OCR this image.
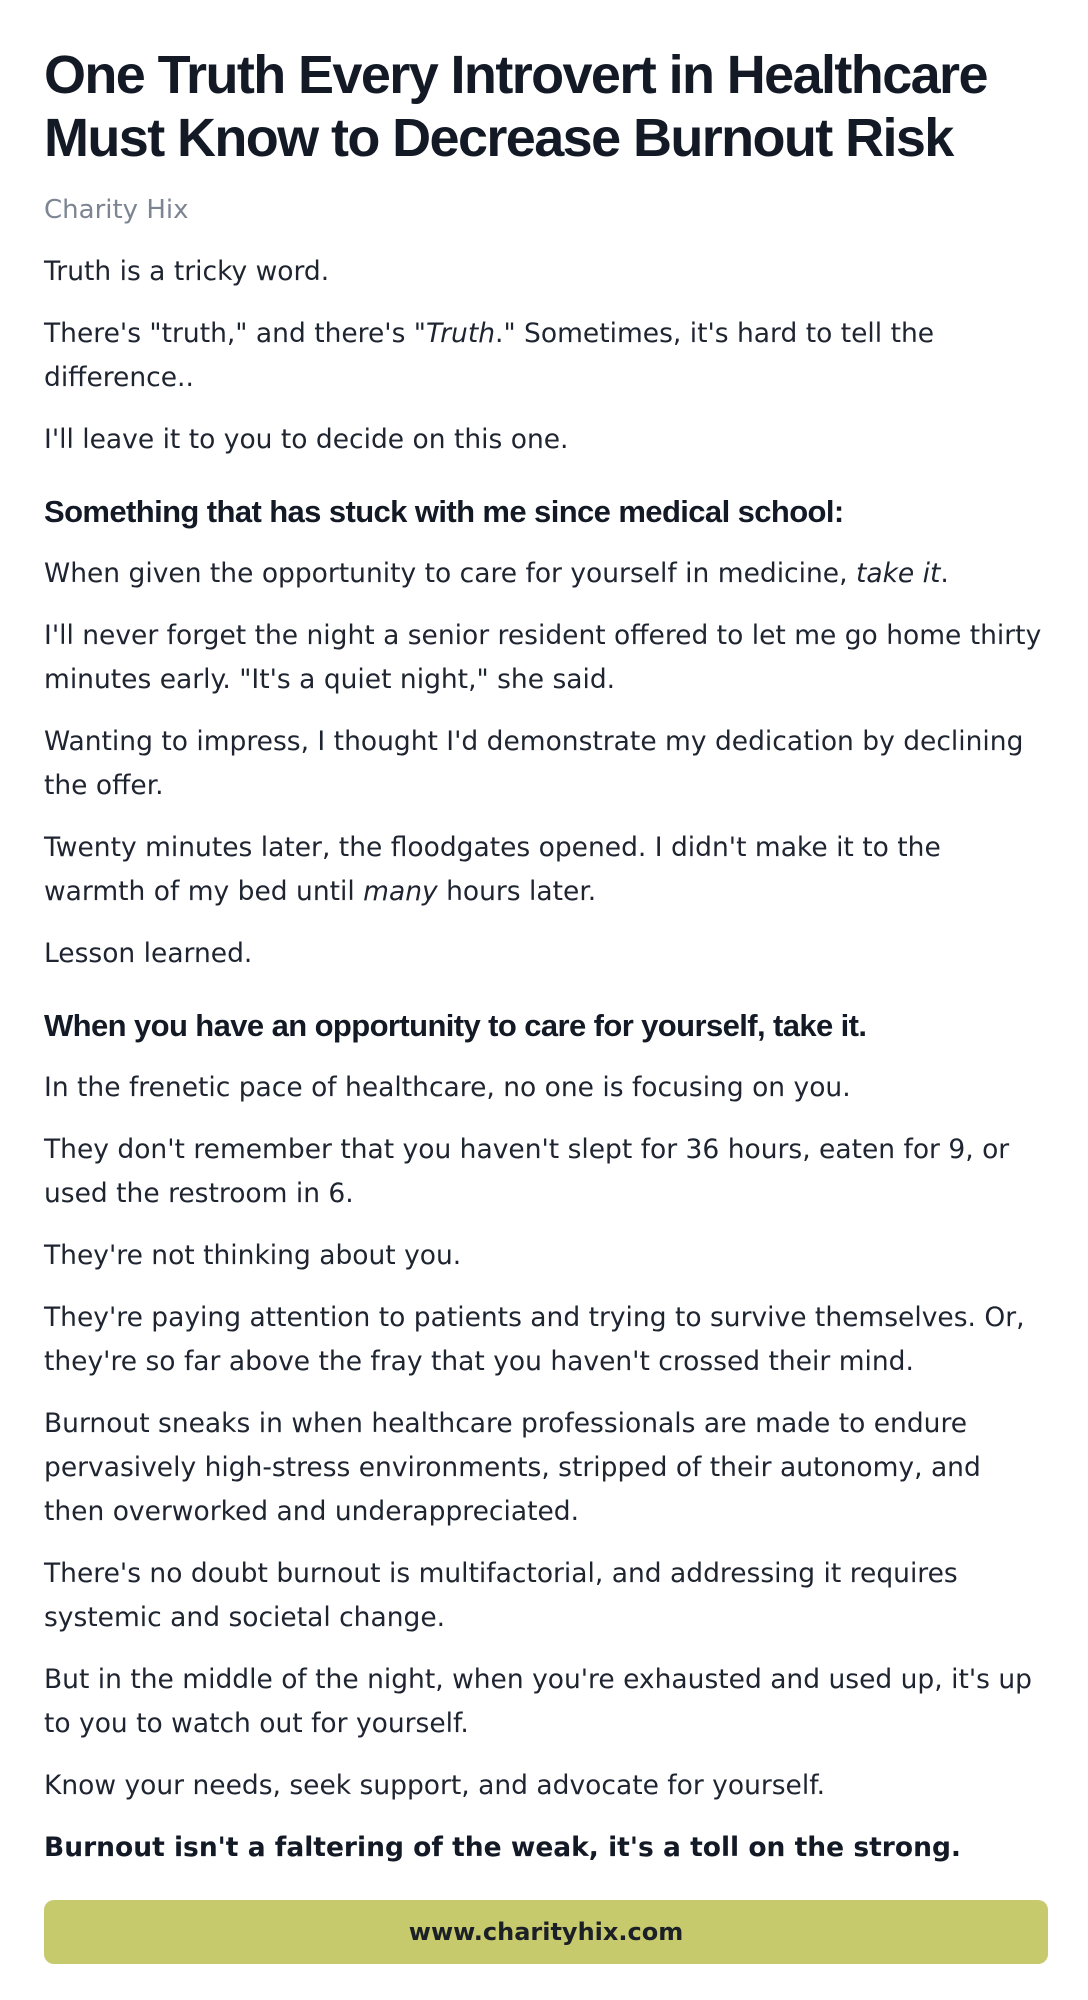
One Truth Every Introvert in Healthcare Must Know to Decrease Burnout Risk
Charity Hix

Truth is a tricky word.

There's "truth," and there's "Truth." Sometimes, it's hard to tell the difference..

I'll leave it to you to decide on this one.

Something that has stuck with me since medical school:

When given the opportunity to care for yourself in medicine, take it.

I'll never forget the night a senior resident offered to let me go home thirty minutes early. "It's a quiet night," she said.

Wanting to impress, I thought I'd demonstrate my dedication by declining the offer.

Twenty minutes later, the floodgates opened. I didn't make it to the warmth of my bed until many hours later.

Lesson learned.

When you have an opportunity to care for yourself, take it.

In the frenetic pace of healthcare, no one is focusing on you.

They don't remember that you haven't slept for 36 hours, eaten for 9, or used the restroom in 6.

They're not thinking about you.

They're paying attention to patients and trying to survive themselves. Or, they're so far above the fray that you haven't crossed their mind.

Burnout sneaks in when healthcare professionals are made to endure pervasively high-stress environments, stripped of their autonomy, and then overworked and underappreciated.

There's no doubt burnout is multifactorial, and addressing it requires systemic and societal change.

But in the middle of the night, when you're exhausted and used up, it's up to you to watch out for yourself.

Know your needs, seek support, and advocate for yourself.

Burnout isn't a faltering of the weak, it's a toll on the strong.

www.charityhix.com
